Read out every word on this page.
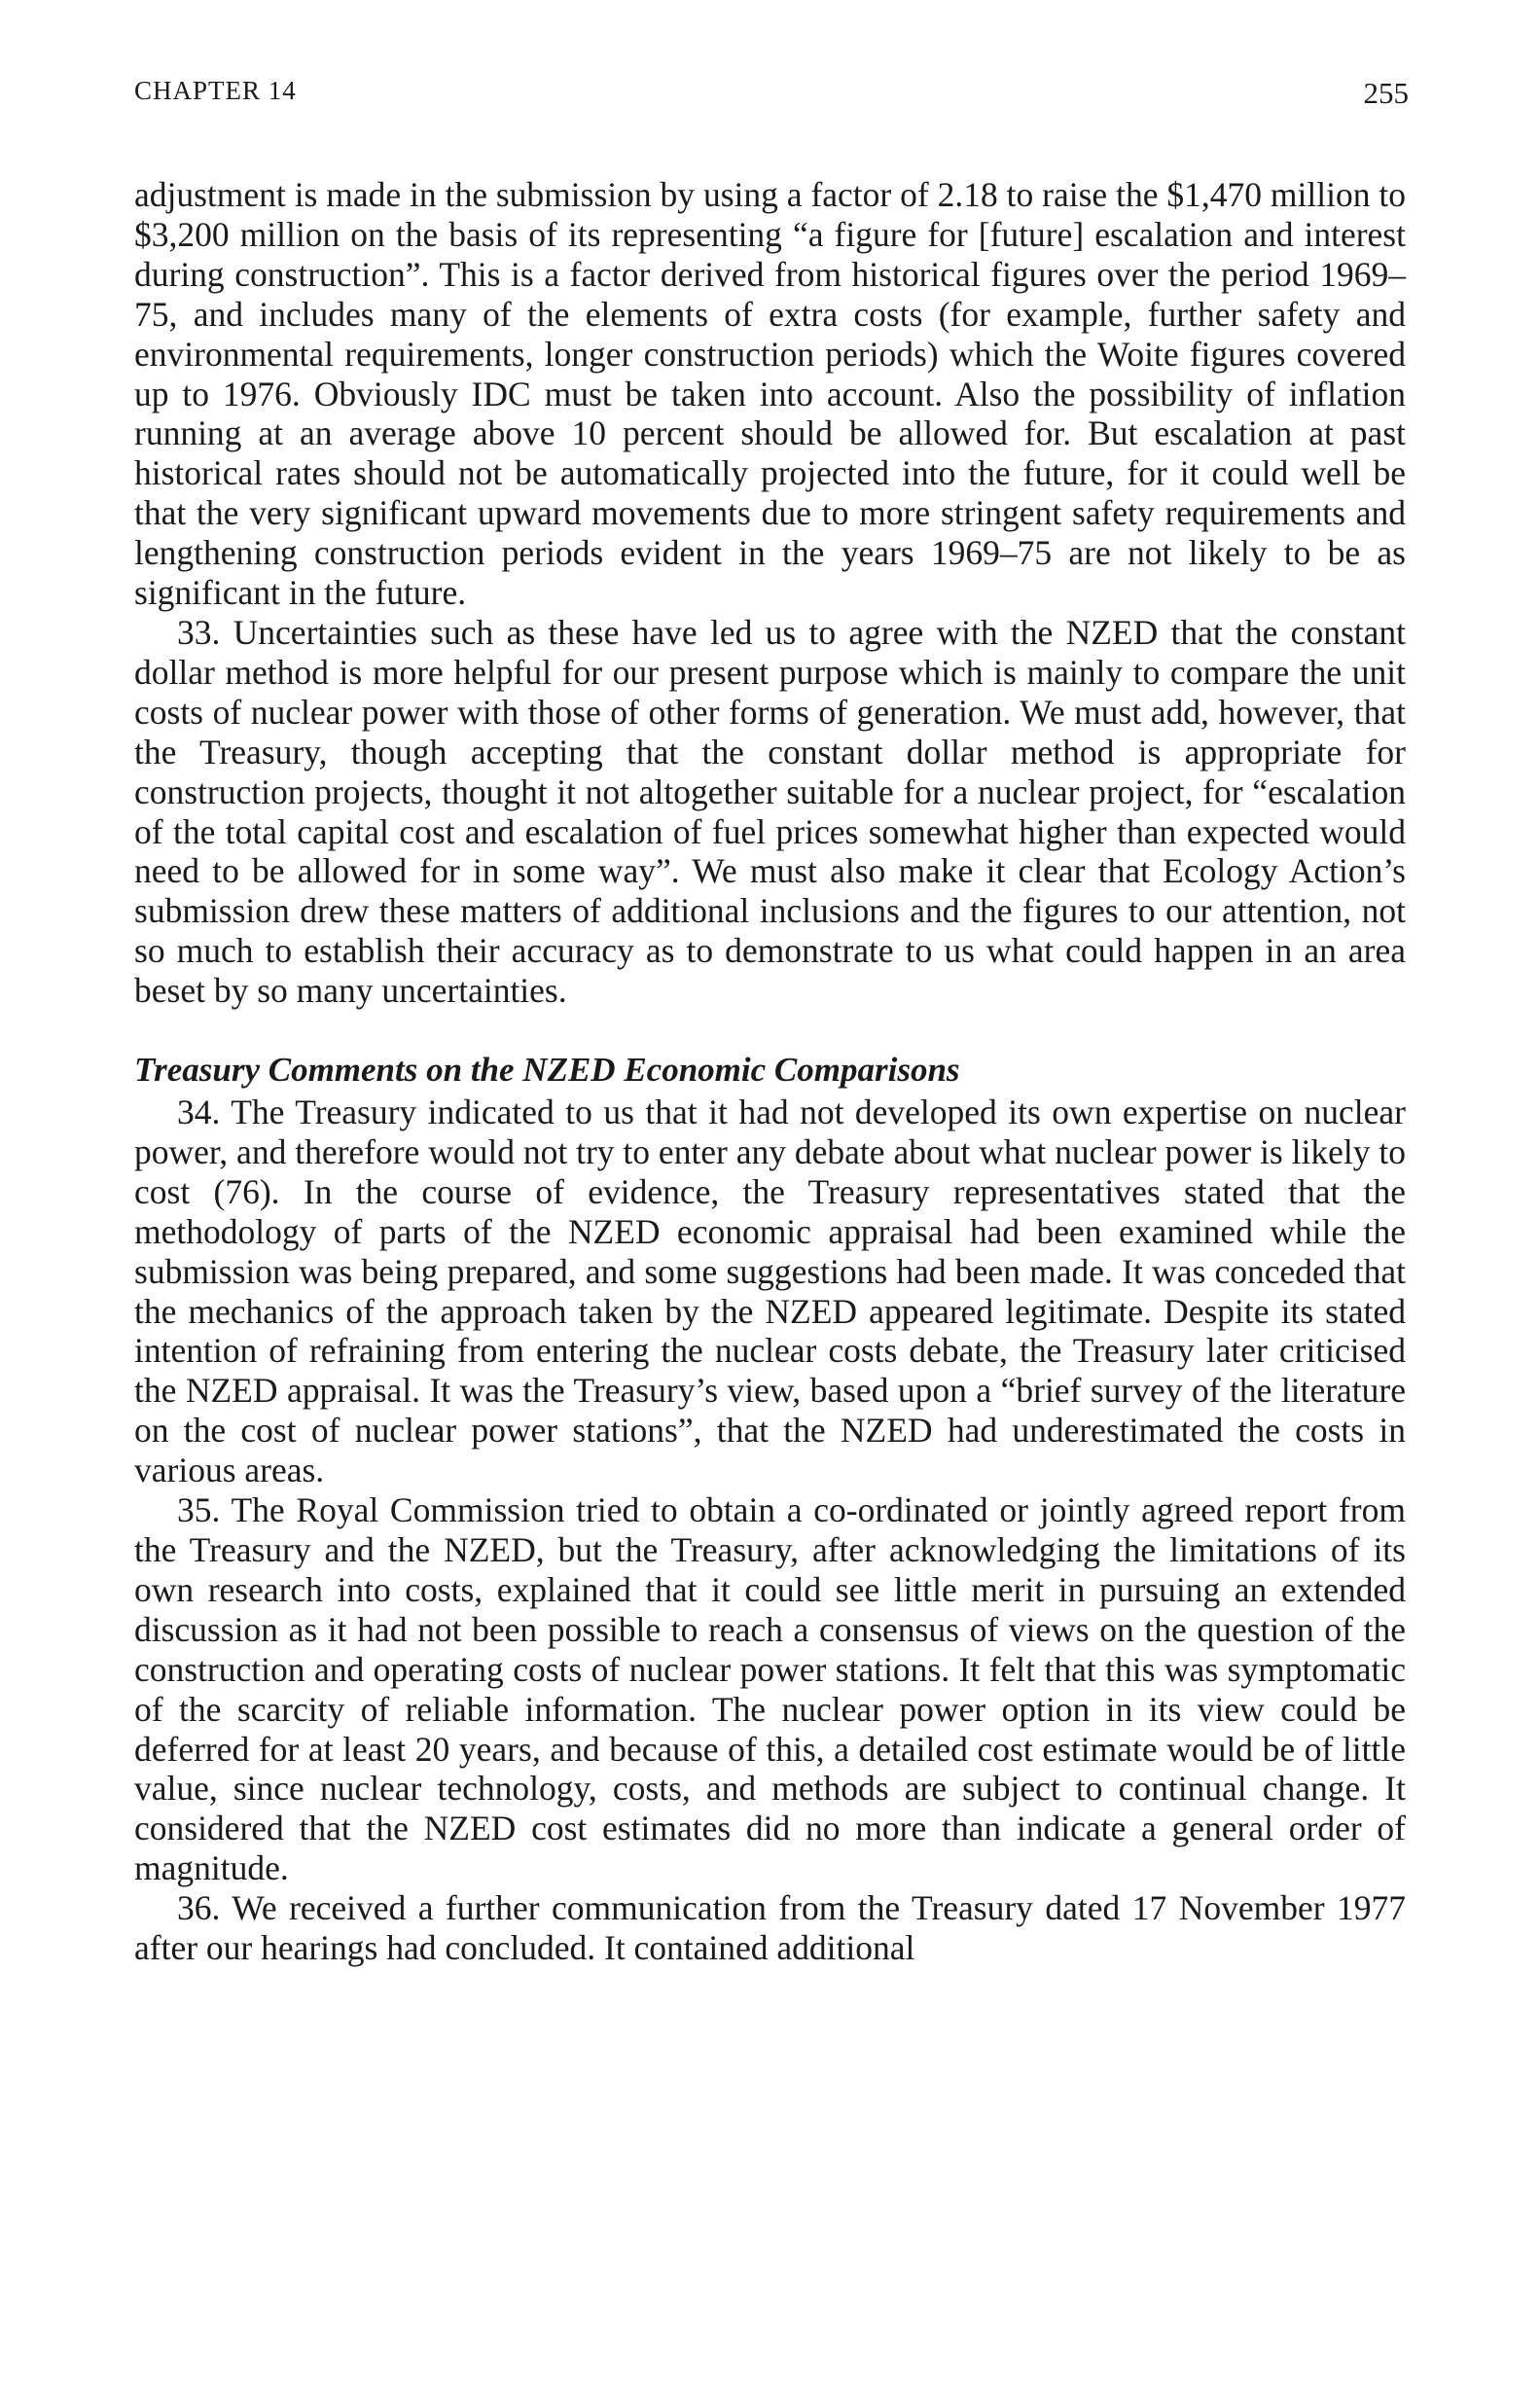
CHAPTER 14	255

adjustment is made in the submission by using a factor of 2.18 to raise the $1,470 million to $3,200 million on the basis of its representing “a figure for [future] escalation and interest during construction”. This is a factor derived from historical figures over the period 1969–75, and includes many of the elements of extra costs (for example, further safety and environmental requirements, longer construction periods) which the Woite figures covered up to 1976. Obviously IDC must be taken into account. Also the possibility of inflation running at an average above 10 percent should be allowed for. But escalation at past historical rates should not be automatically projected into the future, for it could well be that the very significant upward movements due to more stringent safety requirements and lengthening construction periods evident in the years 1969–75 are not likely to be as significant in the future.

33. Uncertainties such as these have led us to agree with the NZED that the constant dollar method is more helpful for our present purpose which is mainly to compare the unit costs of nuclear power with those of other forms of generation. We must add, however, that the Treasury, though accepting that the constant dollar method is appropriate for construction projects, thought it not altogether suitable for a nuclear project, for “escalation of the total capital cost and escalation of fuel prices somewhat higher than expected would need to be allowed for in some way”. We must also make it clear that Ecology Action’s submission drew these matters of additional inclusions and the figures to our attention, not so much to establish their accuracy as to demonstrate to us what could happen in an area beset by so many uncertainties.

Treasury Comments on the NZED Economic Comparisons

34. The Treasury indicated to us that it had not developed its own expertise on nuclear power, and therefore would not try to enter any debate about what nuclear power is likely to cost (76). In the course of evidence, the Treasury representatives stated that the methodology of parts of the NZED economic appraisal had been examined while the submission was being prepared, and some suggestions had been made. It was conceded that the mechanics of the approach taken by the NZED appeared legitimate. Despite its stated intention of refraining from entering the nuclear costs debate, the Treasury later criticised the NZED appraisal. It was the Treasury’s view, based upon a “brief survey of the literature on the cost of nuclear power stations”, that the NZED had underestimated the costs in various areas.

35. The Royal Commission tried to obtain a co-ordinated or jointly agreed report from the Treasury and the NZED, but the Treasury, after acknowledging the limitations of its own research into costs, explained that it could see little merit in pursuing an extended discussion as it had not been possible to reach a consensus of views on the question of the construction and operating costs of nuclear power stations. It felt that this was symptomatic of the scarcity of reliable information. The nuclear power option in its view could be deferred for at least 20 years, and because of this, a detailed cost estimate would be of little value, since nuclear technology, costs, and methods are subject to continual change. It considered that the NZED cost estimates did no more than indicate a general order of magnitude.

36. We received a further communication from the Treasury dated 17 November 1977 after our hearings had concluded. It contained additional
